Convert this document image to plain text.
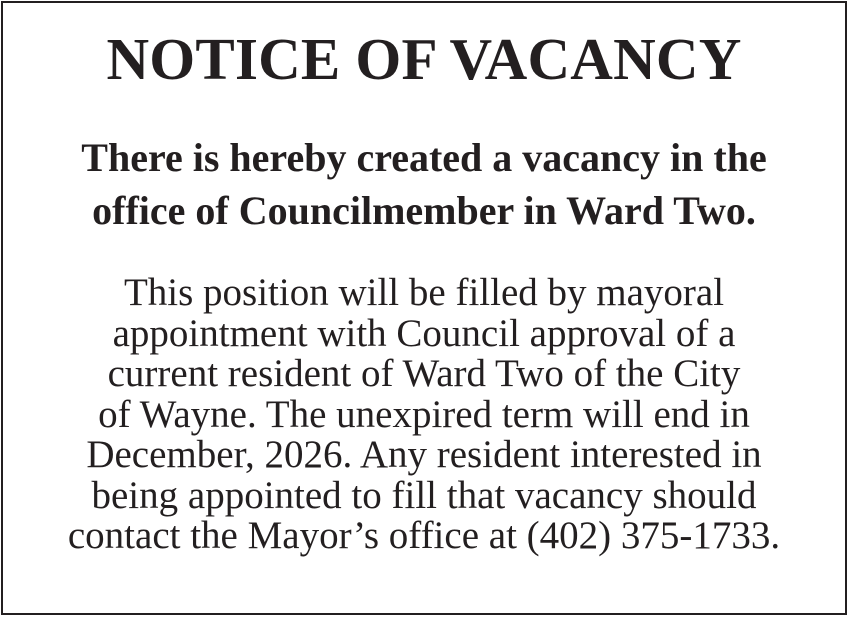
NOTICE OF VACANCY
There is hereby created a vacancy in the
office of Councilmember in Ward Two.
This position will be filled by mayoral
appointment with Council approval of a
current resident of Ward Two of the City
of Wayne. The unexpired term will end in
December, 2026. Any resident interested in
being appointed to fill that vacancy should
contact the Mayor’s office at (402) 375-1733.
